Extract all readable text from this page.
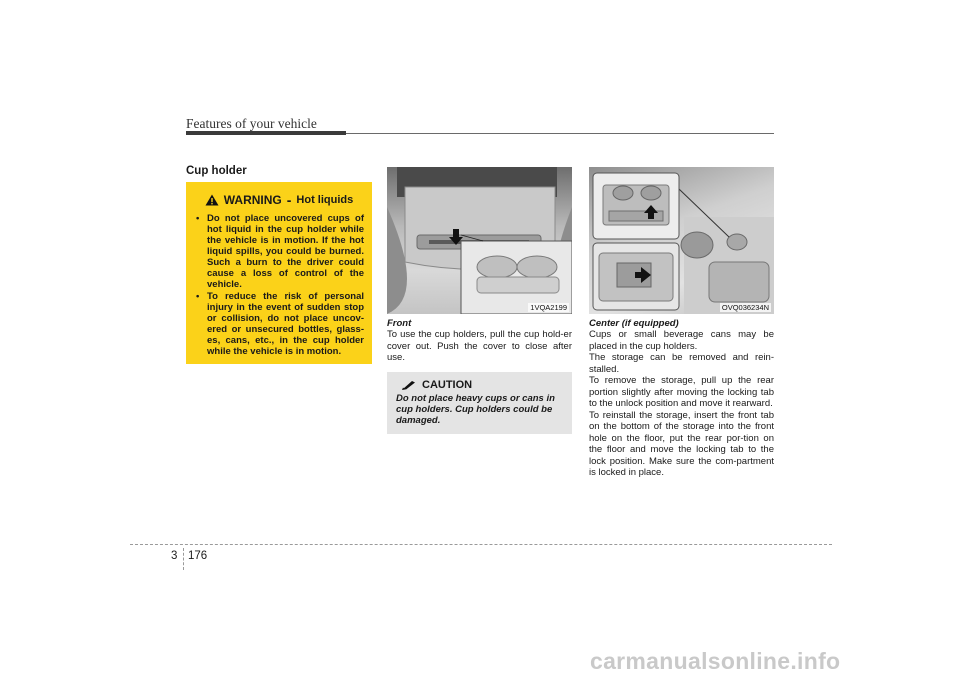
Features of your vehicle
Cup holder
WARNING - Hot liquids
• Do not place uncovered cups of hot liquid in the cup holder while the vehicle is in motion. If the hot liquid spills, you could be burned. Such a burn to the driver could cause a loss of control of the vehicle.
• To reduce the risk of personal injury in the event of sudden stop or collision, do not place uncov-ered or unsecured bottles, glass-es, cans, etc., in the cup holder while the vehicle is in motion.
1VQA2199
Front
To use the cup holders, pull the cup hold-er cover out. Push the cover to close after use.
CAUTION
Do not place heavy cups or cans in cup holders. Cup holders could be damaged.
OVQ036234N
Center (if equipped)

Cups or small beverage cans may be placed in the cup holders.

The storage can be removed and rein-stalled.

To remove the storage, pull up the rear portion slightly after moving the locking tab to the unlock position and move it rearward.

To reinstall the storage, insert the front tab on the bottom of the storage into the front hole on the floor, put the rear por-tion on the floor and move the locking tab to the lock position. Make sure the com-partment is locked in place.

3 176
carmanualsonline.info
